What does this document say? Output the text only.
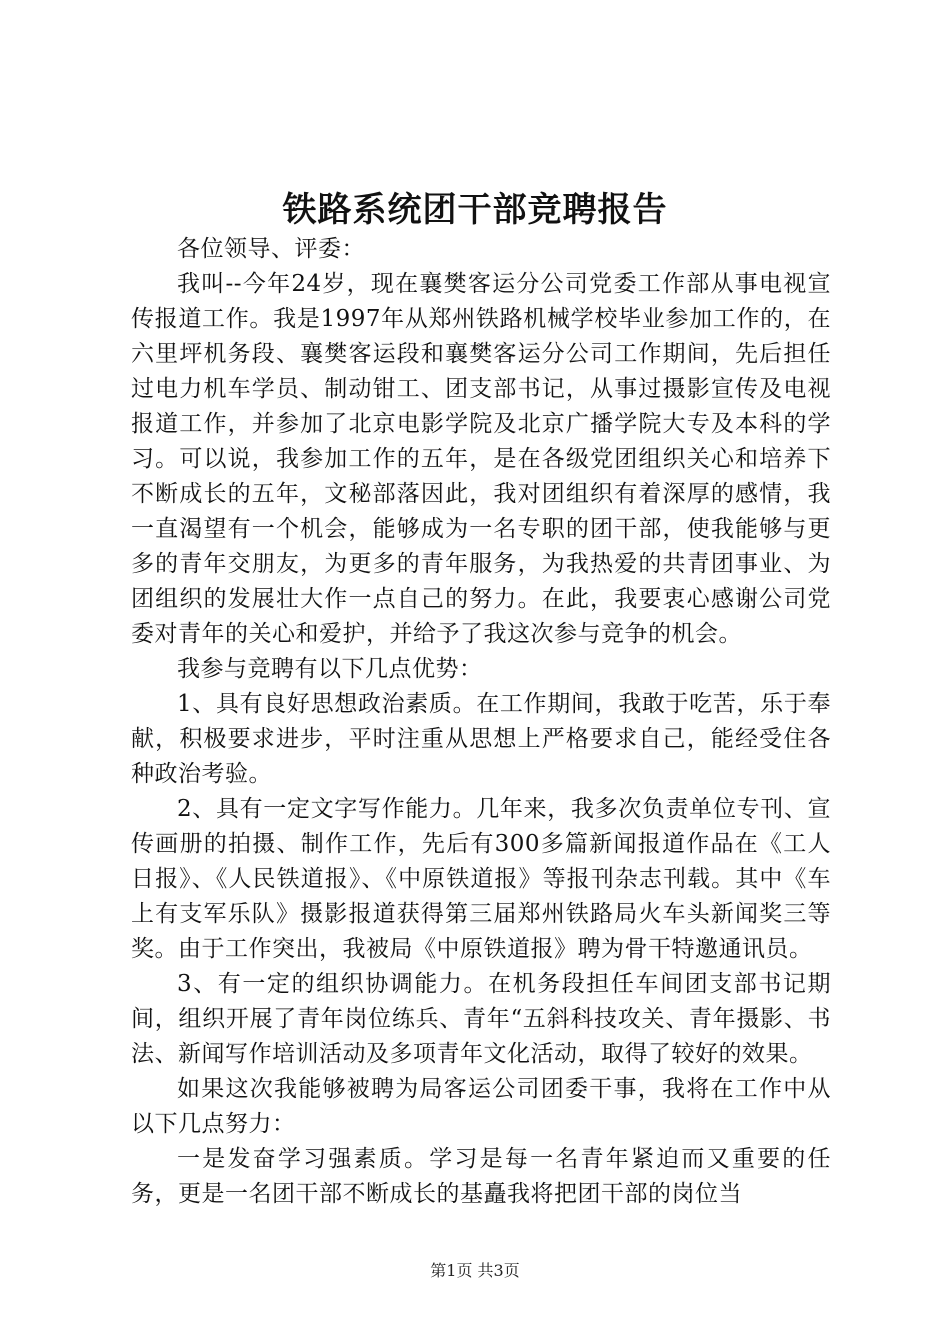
铁路系统团干部竞聘报告

各位领导、评委：

我叫--今年24岁，现在襄樊客运分公司党委工作部从事电视宣传报道工作。我是1997年从郑州铁路机械学校毕业参加工作的，在六里坪机务段、襄樊客运段和襄樊客运分公司工作期间，先后担任过电力机车学员、制动钳工、团支部书记，从事过摄影宣传及电视报道工作，并参加了北京电影学院及北京广播学院大专及本科的学习。可以说，我参加工作的五年，是在各级党团组织关心和培养下不断成长的五年，文秘部落因此，我对团组织有着深厚的感情，我一直渴望有一个机会，能够成为一名专职的团干部，使我能够与更多的青年交朋友，为更多的青年服务，为我热爱的共青团事业、为团组织的发展壮大作一点自己的努力。在此，我要衷心感谢公司党委对青年的关心和爱护，并给予了我这次参与竞争的机会。

我参与竞聘有以下几点优势：

1、具有良好思想政治素质。在工作期间，我敢于吃苦，乐于奉献，积极要求进步，平时注重从思想上严格要求自己，能经受住各种政治考验。

2、具有一定文字写作能力。几年来，我多次负责单位专刊、宣传画册的拍摄、制作工作，先后有300多篇新闻报道作品在《工人日报》、《人民铁道报》、《中原铁道报》等报刊杂志刊载。其中《车上有支军乐队》摄影报道获得第三届郑州铁路局火车头新闻奖三等奖。由于工作突出，我被局《中原铁道报》聘为骨干特邀通讯员。

3、有一定的组织协调能力。在机务段担任车间团支部书记期间，组织开展了青年岗位练兵、青年“五斜科技攻关、青年摄影、书法、新闻写作培训活动及多项青年文化活动，取得了较好的效果。

如果这次我能够被聘为局客运公司团委干事，我将在工作中从以下几点努力：

一是发奋学习强素质。学习是每一名青年紧迫而又重要的任务，更是一名团干部不断成长的基矗我将把团干部的岗位当

第1页 共3页
